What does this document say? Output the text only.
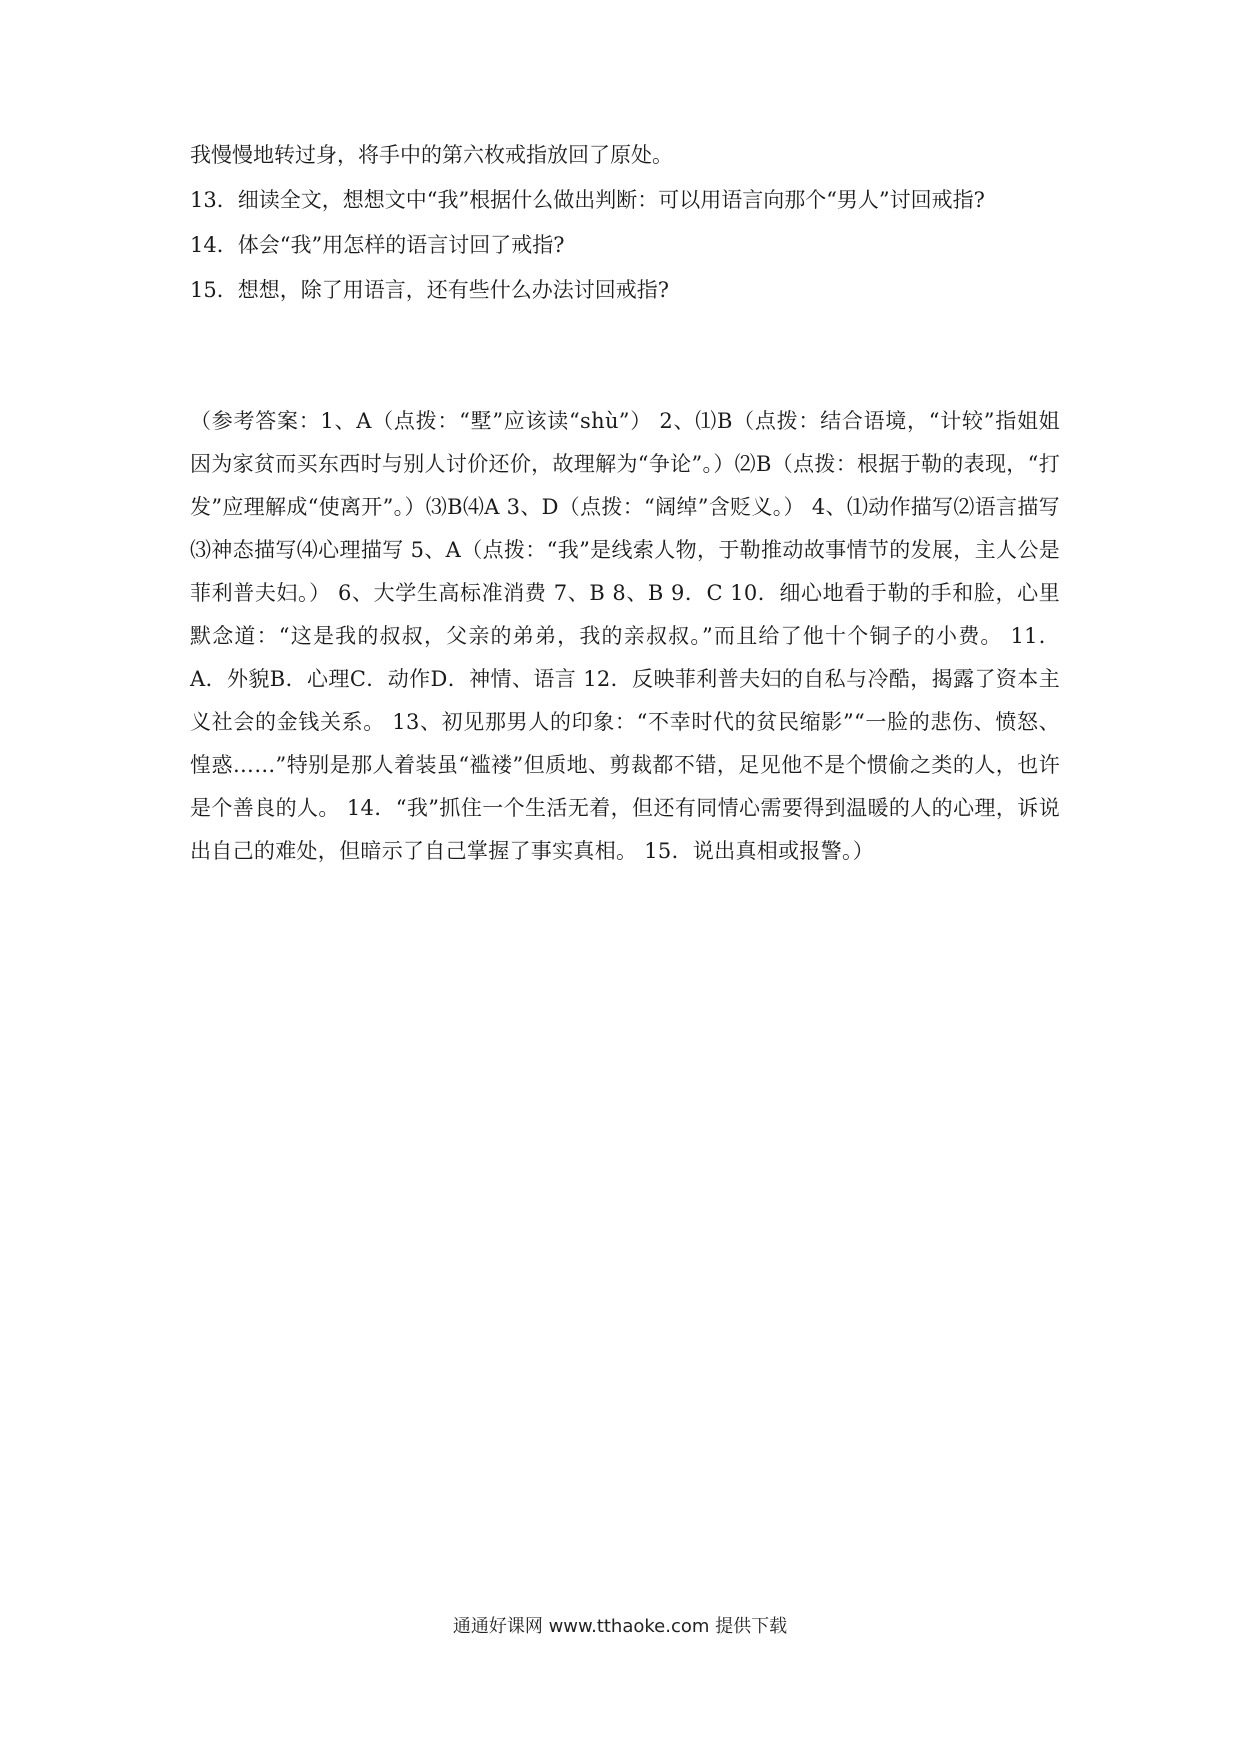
我慢慢地转过身，将手中的第六枚戒指放回了原处。
13．细读全文，想想文中“我”根据什么做出判断：可以用语言向那个“男人”讨回戒指?
14．体会“我”用怎样的语言讨回了戒指?
15．想想，除了用语言，还有些什么办法讨回戒指?
（参考答案：1、A（点拨：“墅”应该读“shù”） 2、⑴B（点拨：结合语境，“计较”指姐姐因为家贫而买东西时与别人讨价还价，故理解为“争论”。）⑵B（点拨：根据于勒的表现，“打发”应理解成“使离开”。）⑶B⑷A 3、D（点拨：“阔绰”含贬义。） 4、⑴动作描写⑵语言描写⑶神态描写⑷心理描写 5、A（点拨：“我”是线索人物，于勒推动故事情节的发展，主人公是菲利普夫妇。） 6、大学生高标准消费 7、B 8、B 9．C 10．细心地看于勒的手和脸，心里默念道：“这是我的叔叔，父亲的弟弟，我的亲叔叔。”而且给了他十个铜子的小费。 11．A．外貌B．心理C．动作D．神情、语言 12．反映菲利普夫妇的自私与冷酷，揭露了资本主义社会的金钱关系。 13、初见那男人的印象：“不幸时代的贫民缩影”“一脸的悲伤、愤怒、惶惑……”特别是那人着装虽“褴褛”但质地、剪裁都不错，足见他不是个惯偷之类的人，也许是个善良的人。 14．“我”抓住一个生活无着，但还有同情心需要得到温暖的人的心理，诉说出自己的难处，但暗示了自己掌握了事实真相。 15．说出真相或报警。）
通通好课网 www.tthaoke.com 提供下载
